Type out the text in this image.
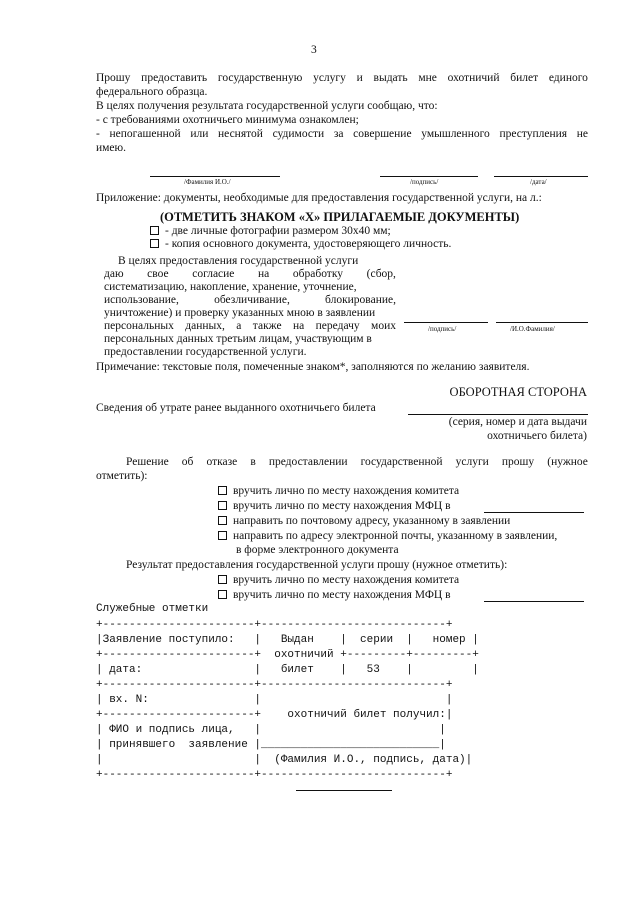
3
Прошу предоставить государственную услугу и выдать мне охотничий билет единого
федерального образца.
В целях получения результата государственной услуги сообщаю, что:
- с требованиями охотничьего минимума ознакомлен;
- непогашенной или неснятой судимости за совершение умышленного преступления не
имею.
/Фамилия И.О./	/подпись/	/дата/
Приложение: документы, необходимые для предоставления государственной услуги, на л.:
(ОТМЕТИТЬ ЗНАКОМ «Х» ПРИЛАГАЕМЫЕ ДОКУМЕНТЫ)
- две личные фотографии размером 30х40 мм;
- копия основного документа, удостоверяющего личность.
В целях предоставления государственной услуги
даю свое согласие на обработку (сбор,
систематизацию, накопление, хранение, уточнение,
использование,	обезличивание,	блокирование,
уничтожение) и проверку указанных мною в заявлении
персональных данных, а также на передачу моих
персональных данных третьим лицам, участвующим в
предоставлении государственной услуги.
/подпись/	/И.О.Фамилия/
Примечание: текстовые поля, помеченные знаком*, заполняются по желанию заявителя.
ОБОРОТНАЯ СТОРОНА
Сведения об утрате ранее выданного охотничьего билета
(серия, номер и дата выдачи
охотничьего билета)
Решение об отказе в предоставлении государственной услуги прошу (нужное
отметить):
вручить лично по месту нахождения комитета
вручить лично по месту нахождения МФЦ в
направить по почтовому адресу, указанному в заявлении
направить по адресу электронной почты, указанному в заявлении,
в форме электронного документа
Результат предоставления государственной услуги прошу (нужное отметить):
вручить лично по месту нахождения комитета
вручить лично по месту нахождения МФЦ в
Служебные отметки
+-----------------------+----------------------------+
|Заявление поступило:   |   Выдан    |  серии  |   номер |
+-----------------------+  охотничий +---------+---------+
| дата:                 |   билет    |   53    |         |
+-----------------------+----------------------------+
| вх. N:                |                            |
+-----------------------+    охотничий билет получил:|
| ФИО и подпись лица,   |                           |
| принявшего  заявление |___________________________|
|                       |  (Фамилия И.О., подпись, дата)|
+-----------------------+----------------------------+
